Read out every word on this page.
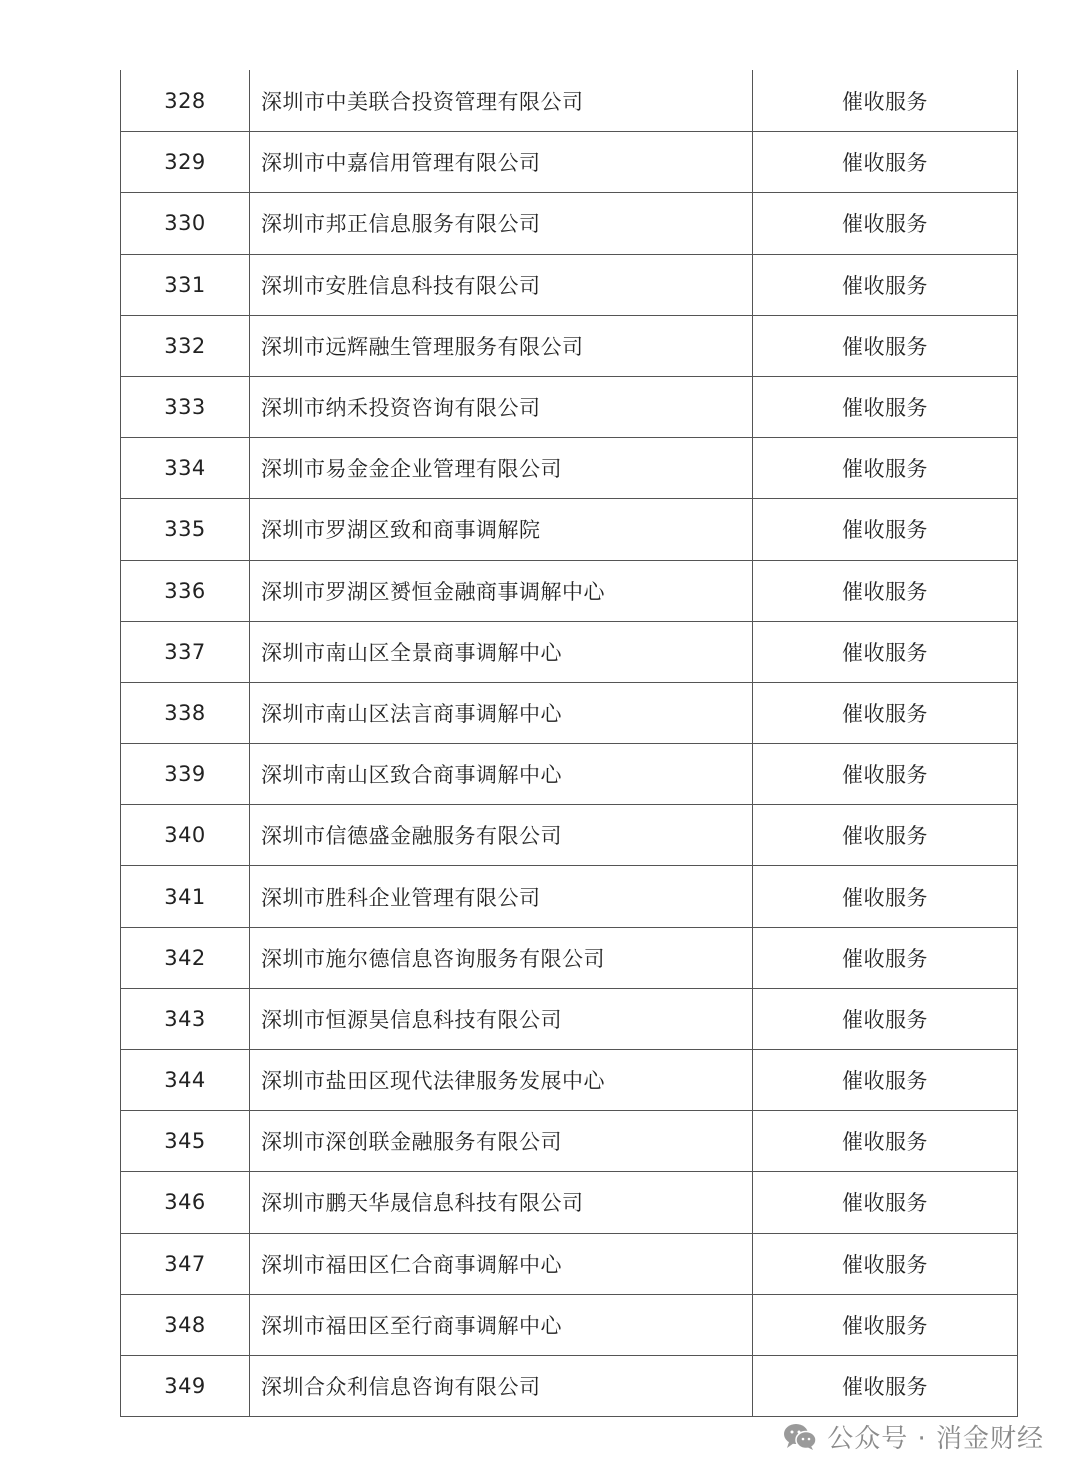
328	深圳市中美联合投资管理有限公司	催收服务
329	深圳市中嘉信用管理有限公司	催收服务
330	深圳市邦正信息服务有限公司	催收服务
331	深圳市安胜信息科技有限公司	催收服务
332	深圳市远辉融生管理服务有限公司	催收服务
333	深圳市纳禾投资咨询有限公司	催收服务
334	深圳市易金金企业管理有限公司	催收服务
335	深圳市罗湖区致和商事调解院	催收服务
336	深圳市罗湖区赟恒金融商事调解中心	催收服务
337	深圳市南山区全景商事调解中心	催收服务
338	深圳市南山区法言商事调解中心	催收服务
339	深圳市南山区致合商事调解中心	催收服务
340	深圳市信德盛金融服务有限公司	催收服务
341	深圳市胜科企业管理有限公司	催收服务
342	深圳市施尔德信息咨询服务有限公司	催收服务
343	深圳市恒源昊信息科技有限公司	催收服务
344	深圳市盐田区现代法律服务发展中心	催收服务
345	深圳市深创联金融服务有限公司	催收服务
346	深圳市鹏天华晟信息科技有限公司	催收服务
347	深圳市福田区仁合商事调解中心	催收服务
348	深圳市福田区至行商事调解中心	催收服务
349	深圳合众利信息咨询有限公司	催收服务
公众号 · 消金财经
